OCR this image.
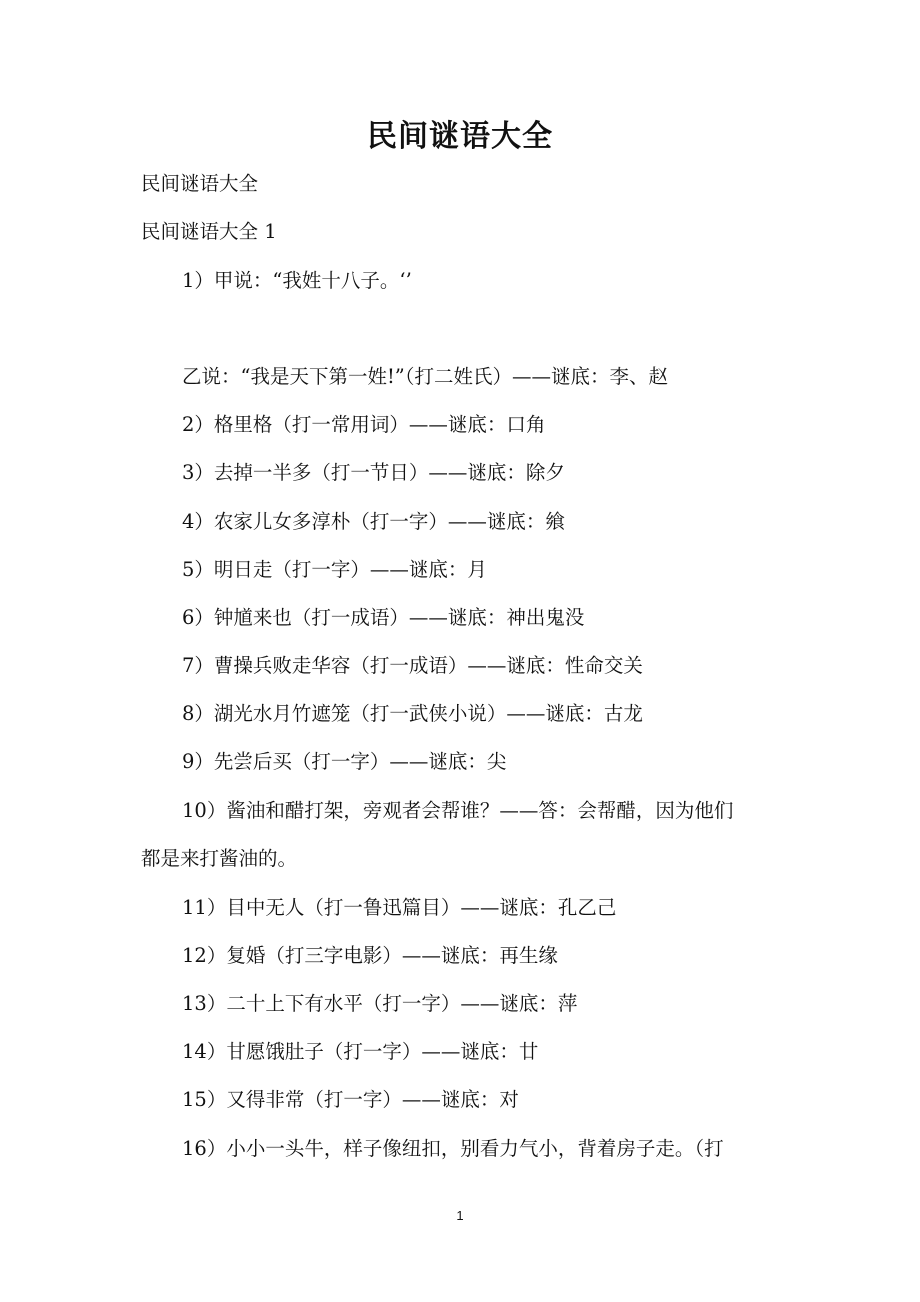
民间谜语大全
民间谜语大全
民间谜语大全 1
1）甲说：“我姓十八子。‘’
乙说：“我是天下第一姓!”（打二姓氏）——谜底：李、赵
2）格里格（打一常用词）——谜底：口角
3）去掉一半多（打一节日）——谜底：除夕
4）农家儿女多淳朴（打一字）——谜底：飨
5）明日走（打一字）——谜底：月
6）钟馗来也（打一成语）——谜底：神出鬼没
7）曹操兵败走华容（打一成语）——谜底：性命交关
8）湖光水月竹遮笼（打一武侠小说）——谜底：古龙
9）先尝后买（打一字）——谜底：尖
10）酱油和醋打架，旁观者会帮谁？——答：会帮醋，因为他们
都是来打酱油的。
11）目中无人（打一鲁迅篇目）——谜底：孔乙己
12）复婚（打三字电影）——谜底：再生缘
13）二十上下有水平（打一字）——谜底：萍
14）甘愿饿肚子（打一字）——谜底：廿
15）又得非常（打一字）——谜底：对
16）小小一头牛，样子像纽扣，别看力气小，背着房子走。（打
1
